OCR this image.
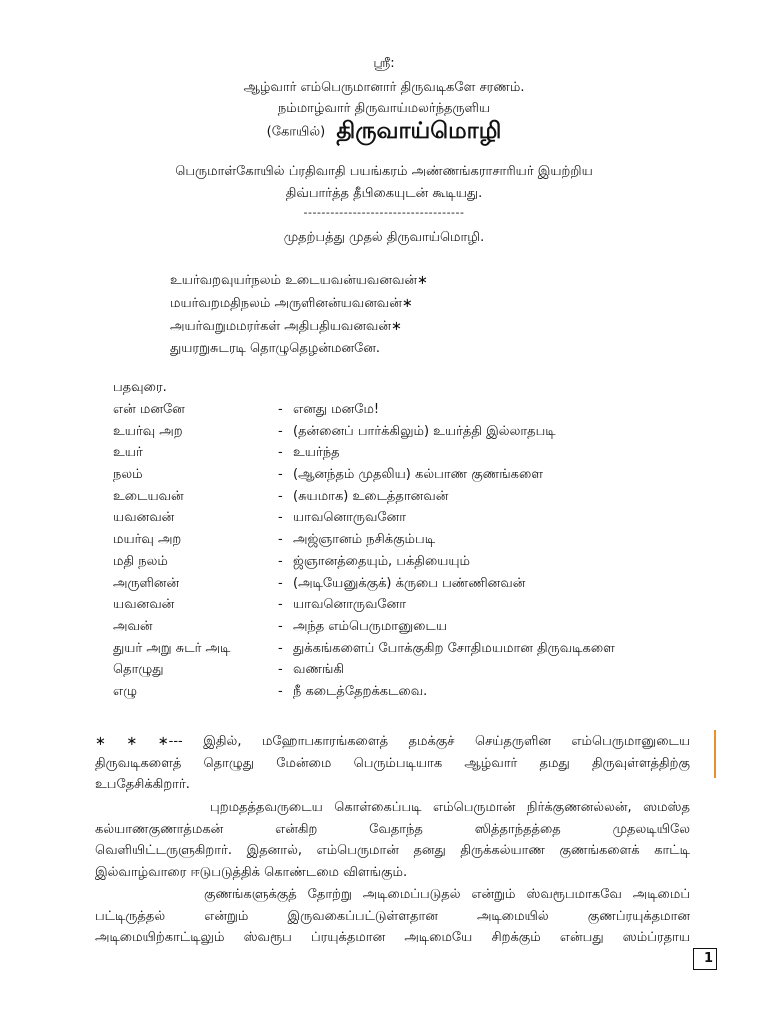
ஸ்ரீ:
ஆழ்வார் எம்பெருமானார் திருவடிகளே சரணம்.
நம்மாழ்வார் திருவாய்மலர்ந்தருளிய
(கோயில்) திருவாய்மொழி
பெருமாள்கோயில் ப்ரதிவாதி பயங்கரம் அண்ணங்கராசாரியர் இயற்றிய
திவ்பார்த்த தீபிகையுடன் கூடியது.
------------------------------------
முதற்பத்து முதல் திருவாய்மொழி.
உயர்வறவுயர்நலம் உடையவன்யவனவன்∗
மயர்வறமதிநலம் அருளினன்யவனவன்∗
அயர்வறுமமரர்கள் அதிபதியவனவன்∗
துயரறுசுடரடி தொழுதெழன்மனனே.
பதவுரை.
என் மனனே	- எனது மனமே!
உயர்வு அற	- (தன்னைப் பார்க்கிலும்) உயர்த்தி இல்லாதபடி
உயர்	- உயர்ந்த
நலம்	- (ஆனந்தம் முதலிய) கல்பாண குணங்களை
உடையவன்	- (சுயமாக) உடைத்தானவன்
யவனவன்	- யாவனொருவனோ
மயர்வு அற	- அஜ்ஞானம் நசிக்கும்படி
மதி நலம்	- ஜ்ஞானத்தையும், பக்தியையும்
அருளினன்	- (அடியேனுக்குக்) க்ருபை பண்ணினவன்
யவனவன்	- யாவனொருவனோ
அவன்	- அந்த எம்பெருமானுடைய
துயர் அறு சுடர் அடி	- துக்கங்களைப் போக்குகிற சோதிமயமான திருவடிகளை
தொழுது	- வணங்கி
எழு	- நீ கடைத்தேறக்கடவை.
∗ ∗ ∗--- இதில், மஹோபகாரங்களைத் தமக்குச் செய்தருளின எம்பெருமானுடைய
திருவடிகளைத் தொழுது மேன்மை பெரும்படியாக ஆழ்வார் தமது திருவுள்ளத்திற்கு
உபதேசிக்கிறார்.
புறமதத்தவருடைய கொள்கைப்படி எம்பெருமான் நிர்க்குணனல்லன், ஸமஸ்த
கல்யாணகுணாத்மகன் என்கிற வேதாந்த ஸித்தாந்தத்தை முதலடியிலே
வெளியிட்டருளுகிறார். இதனால், எம்பெருமான் தனது திருக்கல்யாண குணங்களைக் காட்டி
இல்வாழ்வாரை ஈடுபடுத்திக் கொண்டமை விளங்கும்.
குணங்களுக்குத் தோற்று அடிமைப்படுதல் என்றும் ஸ்வரூபமாகவே அடிமைப்
பட்டிருத்தல் என்றும் இருவகைப்பட்டுள்ளதான அடிமையில் குணப்ரயுக்தமான
அடிமையிற்காட்டிலும் ஸ்வரூப ப்ரயுக்தமான அடிமையே சிறக்கும் என்பது ஸம்ப்ரதாய
1
